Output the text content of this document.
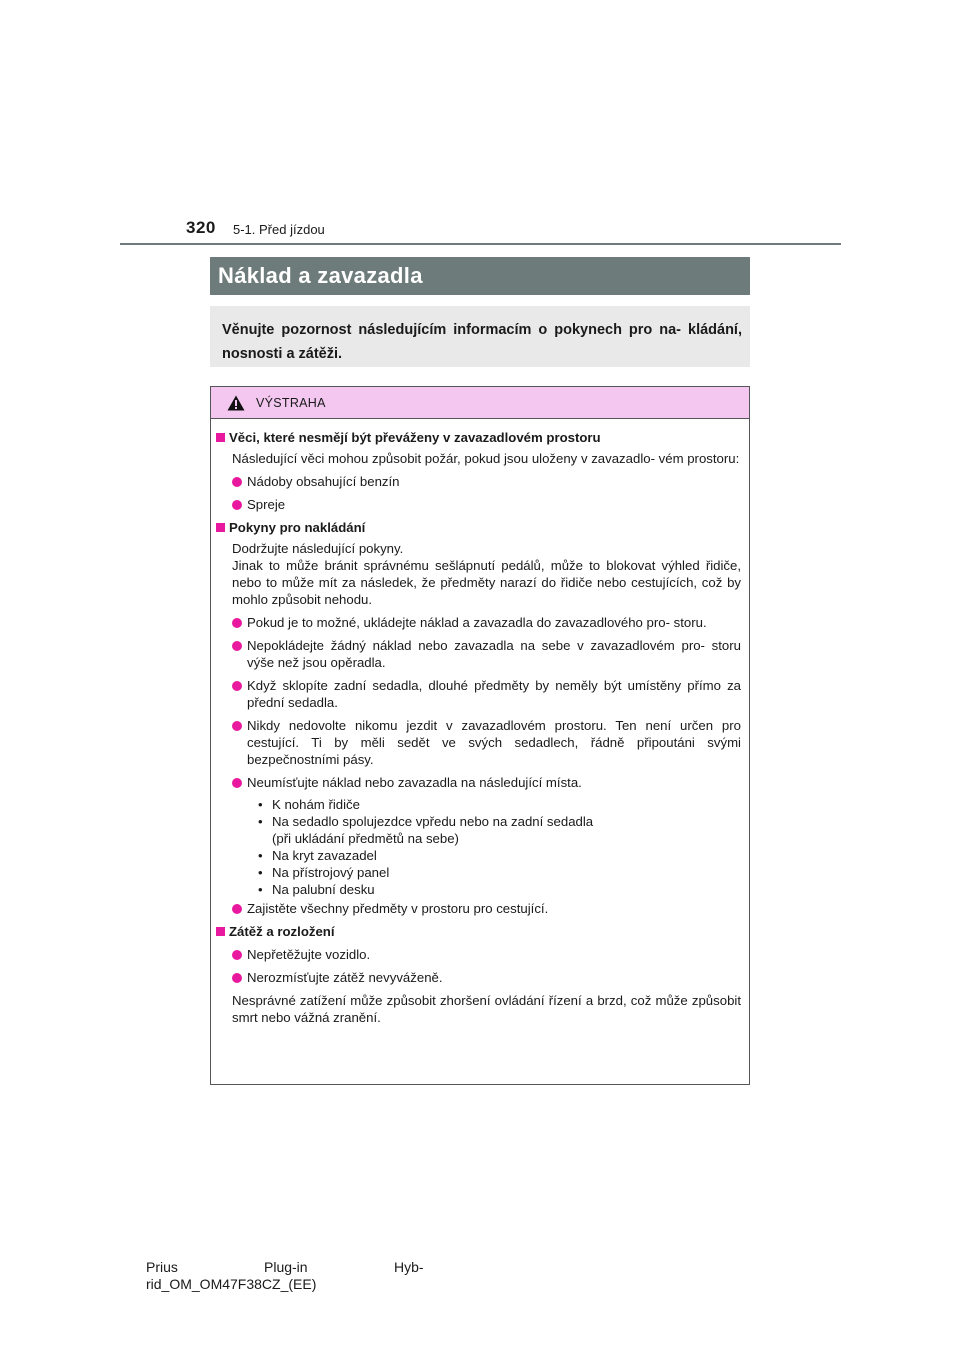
320 5-1. Před jízdou
Náklad a zavazadla
Věnujte pozornost následujícím informacím o pokynech pro na- kládání, nosnosti a zátěži.
VÝSTRAHA
Věci, které nesmějí být převáženy v zavazadlovém prostoru
Následující věci mohou způsobit požár, pokud jsou uloženy v zavazadlo- vém prostoru:
Nádoby obsahující benzín
Spreje
Pokyny pro nakládání
Dodržujte následující pokyny.
Jinak to může bránit správnému sešlápnutí pedálů, může to blokovat výhled řidiče, nebo to může mít za následek, že předměty narazí do řidiče nebo cestujících, což by mohlo způsobit nehodu.
Pokud je to možné, ukládejte náklad a zavazadla do zavazadlového pro- storu.
Nepokládejte žádný náklad nebo zavazadla na sebe v zavazadlovém pro- storu výše než jsou opěradla.
Když sklopíte zadní sedadla, dlouhé předměty by neměly být umístěny přímo za přední sedadla.
Nikdy nedovolte nikomu jezdit v zavazadlovém prostoru. Ten není určen pro cestující. Ti by měli sedět ve svých sedadlech, řádně připoutáni svými bezpečnostními pásy.
Neumísťujte náklad nebo zavazadla na následující místa.
• K nohám řidiče
• Na sedadlo spolujezdce vpředu nebo na zadní sedadla
(při ukládání předmětů na sebe)
• Na kryt zavazadel
• Na přístrojový panel
• Na palubní desku
Zajistěte všechny předměty v prostoru pro cestující.
Zátěž a rozložení
Nepřetěžujte vozidlo.
Nerozmísťujte zátěž nevyváženě.
Nesprávné zatížení může způsobit zhoršení ovládání řízení a brzd, což může způsobit smrt nebo vážná zranění.
Prius	Plug-in	Hyb-
rid_OM_OM47F38CZ_(EE)
